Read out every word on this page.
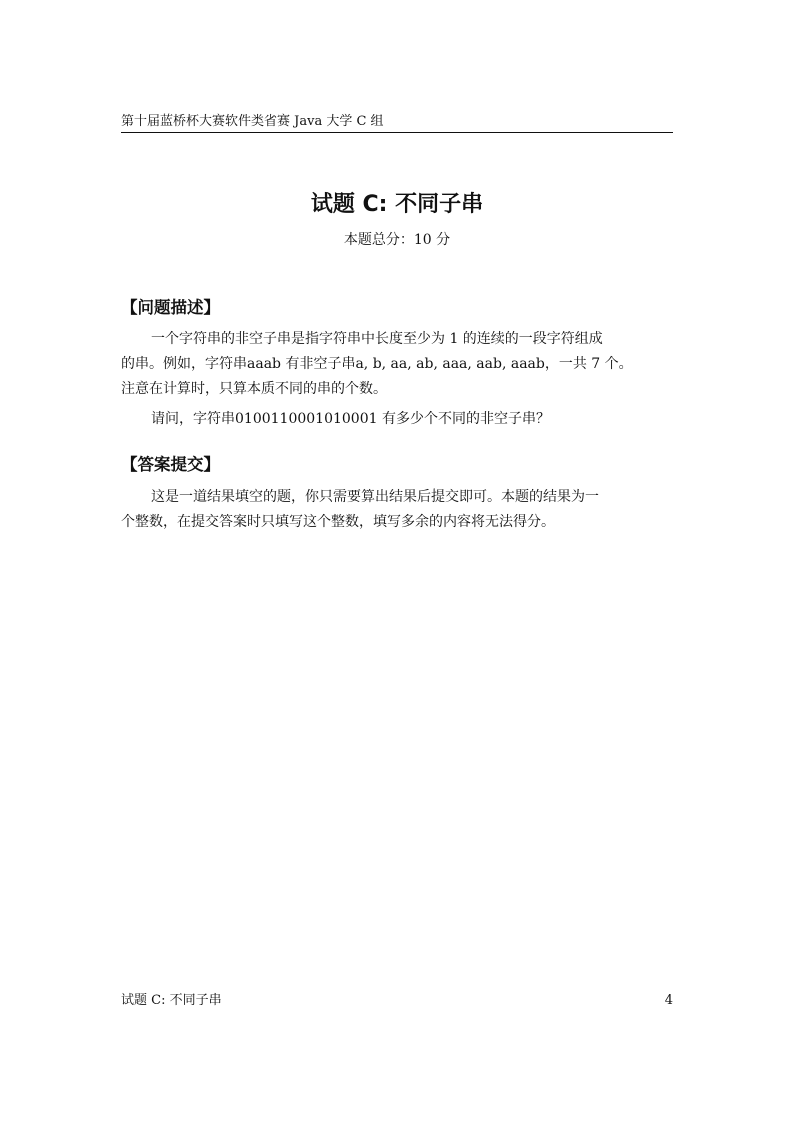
第十届蓝桥杯大赛软件类省赛 Java 大学 C 组
试题 C: 不同子串
本题总分：10 分
【问题描述】
一个字符串的非空子串是指字符串中长度至少为 1 的连续的一段字符组成
的串。例如，字符串aaab 有非空子串a, b, aa, ab, aaa, aab, aaab，一共 7 个。
注意在计算时，只算本质不同的串的个数。
请问，字符串0100110001010001 有多少个不同的非空子串？
【答案提交】
这是一道结果填空的题，你只需要算出结果后提交即可。本题的结果为一
个整数，在提交答案时只填写这个整数，填写多余的内容将无法得分。
试题 C: 不同子串	4
